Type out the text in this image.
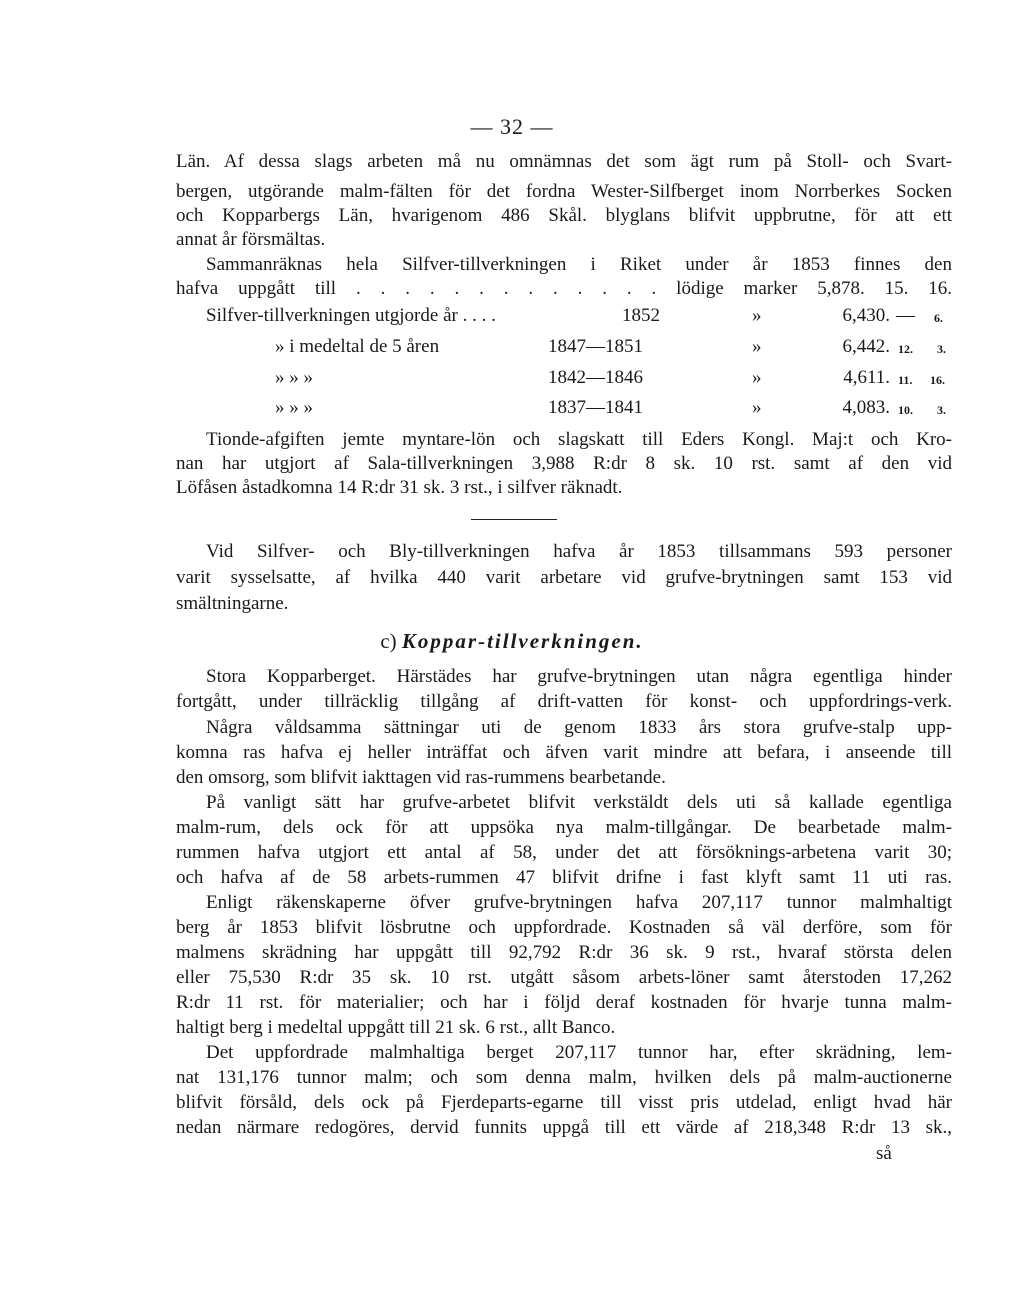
— 32 —
Län. Af dessa slags arbeten må nu omnämnas det som ägt rum på Stoll- och Svart-
bergen, utgörande malm-fälten för det fordna Wester-Silfberget inom Norrberkes Socken
och Kopparbergs Län, hvarigenom 486 Skål. blyglans blifvit uppbrutne, för att ett
annat år försmältas.
Sammanräknas hela Silfver-tillverkningen i Riket under år 1853 finnes den
hafva uppgått till . . . . . . . . . . . . . lödige marker 5,878. 15. 16.
Silfver-tillverkningen utgjorde år . . . .	1852	»	6,430. — 6.
» i medeltal de 5 åren	1847—1851	»	6,442. 12. 3.
» » »	1842—1846	»	4,611. 11. 16.
» » »	1837—1841	»	4,083. 10. 3.
Tionde-afgiften jemte myntare-lön och slagskatt till Eders Kongl. Maj:t och Kro-
nan har utgjort af Sala-tillverkningen 3,988 R:dr 8 sk. 10 rst. samt af den vid
Löfåsen åstadkomna 14 R:dr 31 sk. 3 rst., i silfver räknadt.
Vid Silfver- och Bly-tillverkningen hafva år 1853 tillsammans 593 personer
varit sysselsatte, af hvilka 440 varit arbetare vid grufve-brytningen samt 153 vid
smältningarne.
c) Koppar-tillverkningen.
Stora Kopparberget. Härstädes har grufve-brytningen utan några egentliga hinder
fortgått, under tillräcklig tillgång af drift-vatten för konst- och uppfordrings-verk.
Några våldsamma sättningar uti de genom 1833 års stora grufve-stalp upp-
komna ras hafva ej heller inträffat och äfven varit mindre att befara, i anseende till
den omsorg, som blifvit iakttagen vid ras-rummens bearbetande.
På vanligt sätt har grufve-arbetet blifvit verkstäldt dels uti så kallade egentliga
malm-rum, dels ock för att uppsöka nya malm-tillgångar. De bearbetade malm-
rummen hafva utgjort ett antal af 58, under det att försöknings-arbetena varit 30;
och hafva af de 58 arbets-rummen 47 blifvit drifne i fast klyft samt 11 uti ras.
Enligt räkenskaperne öfver grufve-brytningen hafva 207,117 tunnor malmhaltigt
berg år 1853 blifvit lösbrutne och uppfordrade. Kostnaden så väl derföre, som för
malmens skrädning har uppgått till 92,792 R:dr 36 sk. 9 rst., hvaraf största delen
eller 75,530 R:dr 35 sk. 10 rst. utgått såsom arbets-löner samt återstoden 17,262
R:dr 11 rst. för materialier; och har i följd deraf kostnaden för hvarje tunna malm-
haltigt berg i medeltal uppgått till 21 sk. 6 rst., allt Banco.
Det uppfordrade malmhaltiga berget 207,117 tunnor har, efter skrädning, lem-
nat 131,176 tunnor malm; och som denna malm, hvilken dels på malm-auctionerne
blifvit försåld, dels ock på Fjerdeparts-egarne till visst pris utdelad, enligt hvad här
nedan närmare redogöres, dervid funnits uppgå till ett värde af 218,348 R:dr 13 sk.,
så
